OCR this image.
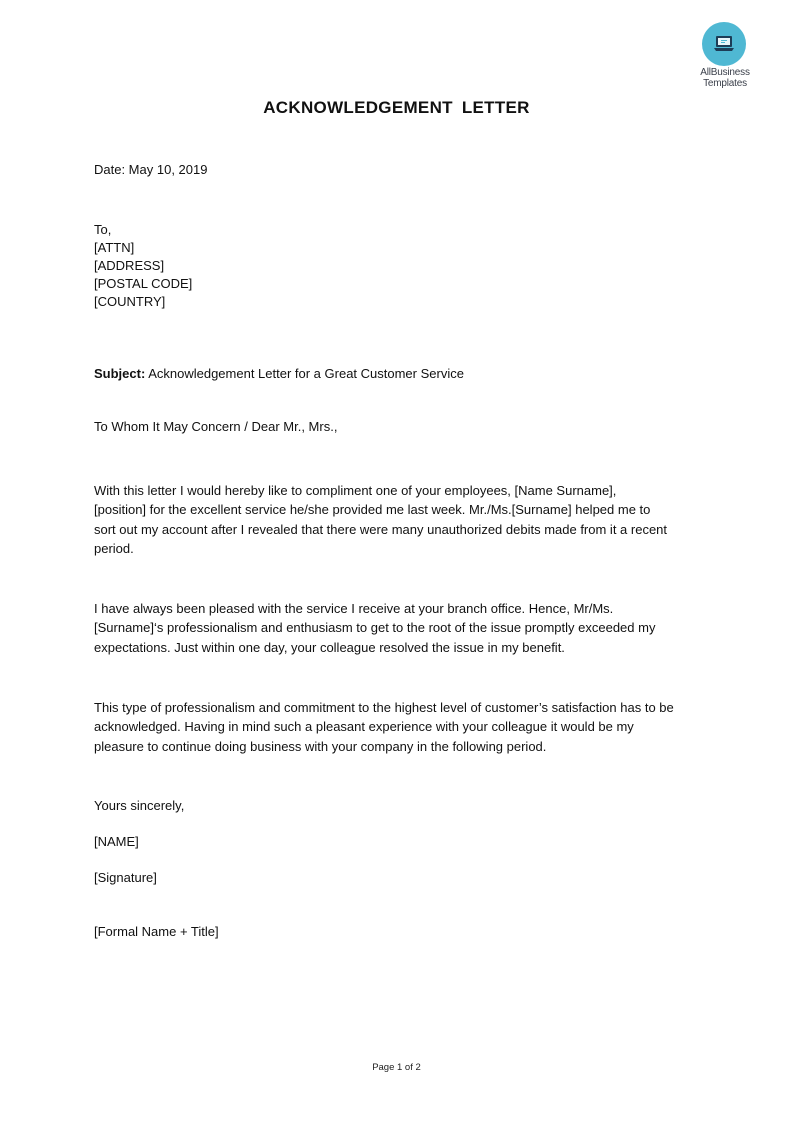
AllBusiness
Templates
ACKNOWLEDGEMENT LETTER
Date: May 10, 2019
To,
[ATTN]
[ADDRESS]
[POSTAL CODE]
[COUNTRY]
Subject: Acknowledgement Letter for a Great Customer Service
To Whom It May Concern / Dear Mr., Mrs.,
With this letter I would hereby like to compliment one of your employees, [Name Surname],
[position] for the excellent service he/she provided me last week. Mr./Ms.[Surname] helped me to
sort out my account after I revealed that there were many unauthorized debits made from it a recent
period.
I have always been pleased with the service I receive at your branch office. Hence, Mr/Ms.
[Surname]‘s professionalism and enthusiasm to get to the root of the issue promptly exceeded my
expectations. Just within one day, your colleague resolved the issue in my benefit.
This type of professionalism and commitment to the highest level of customer’s satisfaction has to be
acknowledged. Having in mind such a pleasant experience with your colleague it would be my
pleasure to continue doing business with your company in the following period.
Yours sincerely,
[NAME]
[Signature]
[Formal Name + Title]
Page 1 of 2
